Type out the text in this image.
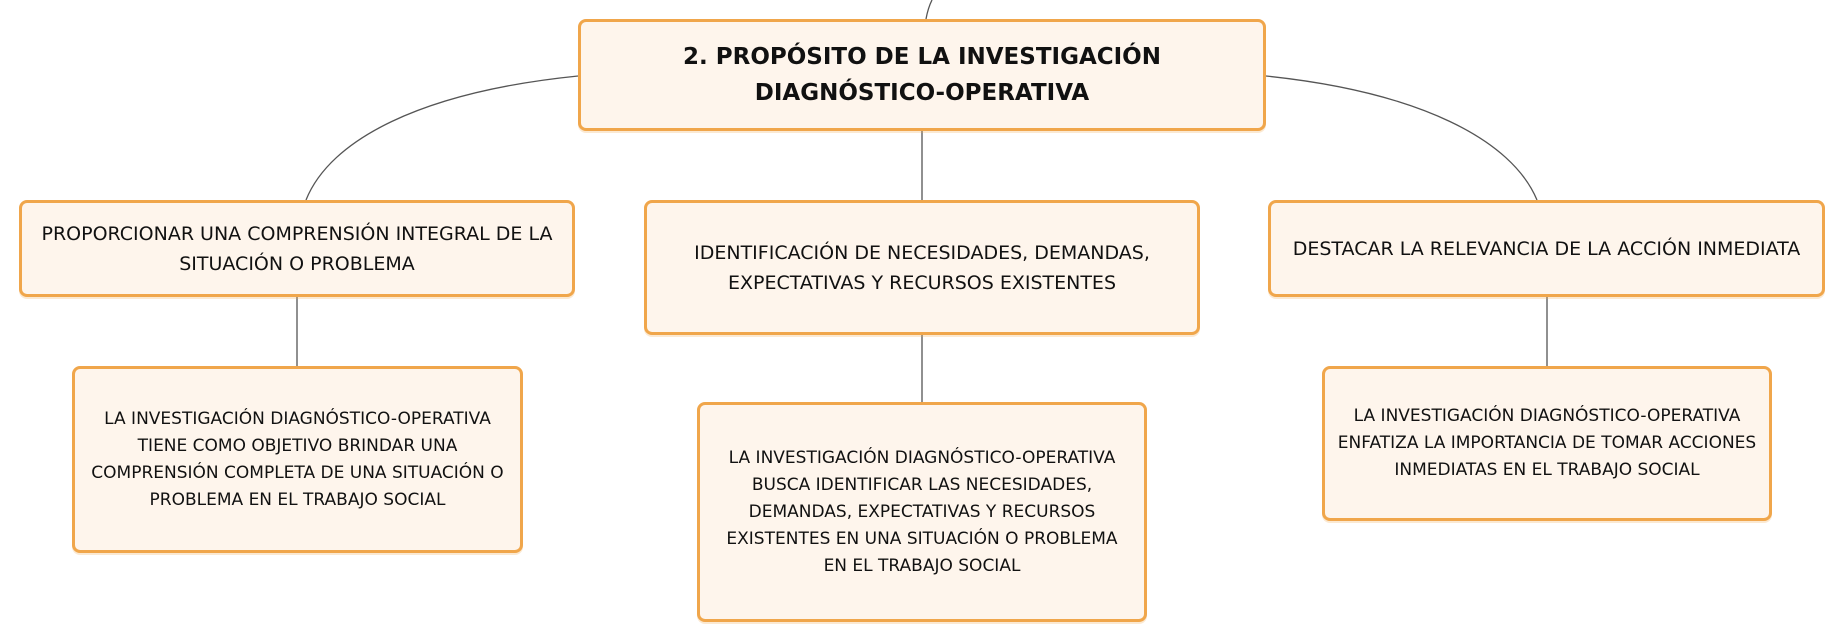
2. PROPÓSITO DE LA INVESTIGACIÓN DIAGNÓSTICO-OPERATIVA
PROPORCIONAR UNA COMPRENSIÓN INTEGRAL DE LA SITUACIÓN O PROBLEMA	IDENTIFICACIÓN DE NECESIDADES, DEMANDAS, EXPECTATIVAS Y RECURSOS EXISTENTES
DESTACAR LA RELEVANCIA DE LA ACCIÓN INMEDIATA
LA INVESTIGACIÓN DIAGNÓSTICO-OPERATIVA TIENE COMO OBJETIVO BRINDAR UNA COMPRENSIÓN COMPLETA DE UNA SITUACIÓN O PROBLEMA EN EL TRABAJO SOCIAL
LA INVESTIGACIÓN DIAGNÓSTICO-OPERATIVA BUSCA IDENTIFICAR LAS NECESIDADES, DEMANDAS, EXPECTATIVAS Y RECURSOS EXISTENTES EN UNA SITUACIÓN O PROBLEMA EN EL TRABAJO SOCIAL
LA INVESTIGACIÓN DIAGNÓSTICO-OPERATIVA ENFATIZA LA IMPORTANCIA DE TOMAR ACCIONES INMEDIATAS EN EL TRABAJO SOCIAL
